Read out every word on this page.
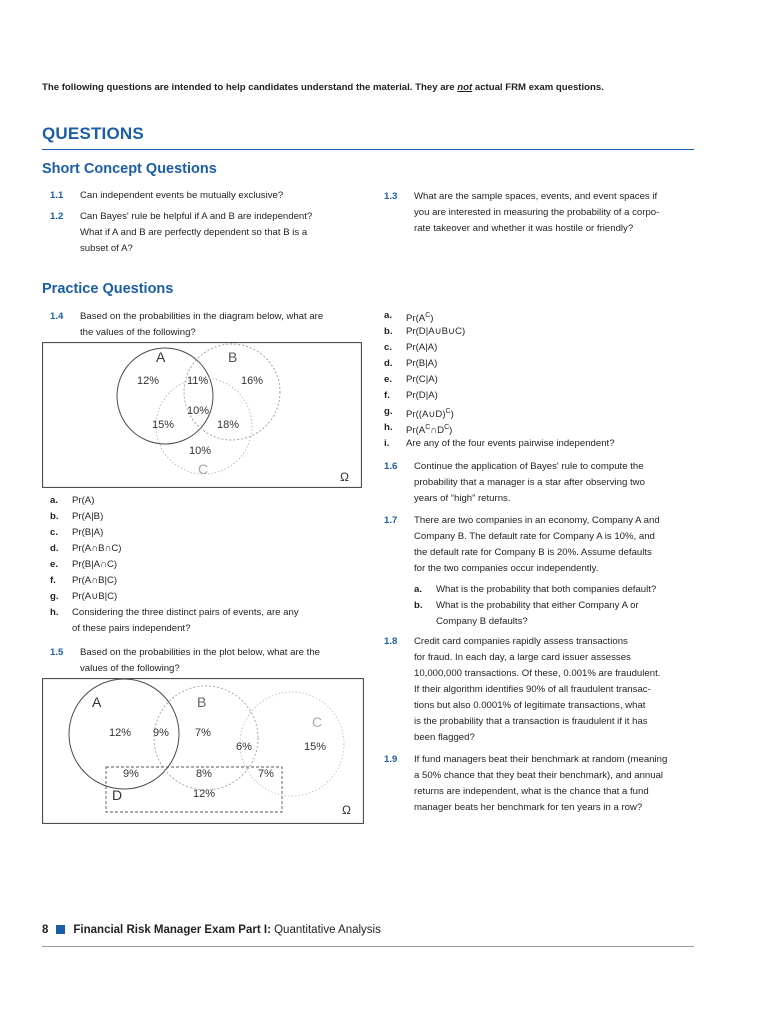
The following questions are intended to help candidates understand the material. They are not actual FRM exam questions.
QUESTIONS
Short Concept Questions
Practice Questions
1.1 Can independent events be mutually exclusive?
1.2 Can Bayes' rule be helpful if A and B are independent?
What if A and B are perfectly dependent so that B is a
subset of A?
1.3 What are the sample spaces, events, and event spaces if
you are interested in measuring the probability of a corpo-
rate takeover and whether it was hostile or friendly?
1.4 Based on the probabilities in the diagram below, what are
the values of the following?
A	B
C	Ω
12%	11%	16%
10%
15%	18%
10%
a. Pr(A)
b. Pr(A|B)
c. Pr(B|A)
d. Pr(A∩B∩C)
e. Pr(B|A∩C)
f. Pr(A∩B|C)
g. Pr(A∪B|C)
h. Considering the three distinct pairs of events, are any
of these pairs independent?
1.5 Based on the probabilities in the plot below, what are the
values of the following?
A	B
C
D
Ω
12% 9% 7%
6%	15%
9%	8%	7%
12%
a. $Pr(A^C)$
b. Pr(D|A∪B∪C)
c. Pr(A|A)
d. Pr(B|A)
e. Pr(C|A)
f. Pr(D|A)
g. Pr((A∪D)$^C$)
h. $Pr(A^C\cap D^C)$
i. Are any of the four events pairwise independent?
1.6 Continue the application of Bayes' rule to compute the
probability that a manager is a star after observing two
years of “high” returns.
1.7 There are two companies in an economy, Company A and
Company B. The default rate for Company A is 10%, and
the default rate for Company B is 20%. Assume defaults
for the two companies occur independently.
a. What is the probability that both companies default?
b. What is the probability that either Company A or
Company B defaults?
1.8 Credit card companies rapidly assess transactions
for fraud. In each day, a large card issuer assesses
10,000,000 transactions. Of these, 0.001% are fraudulent.
If their algorithm identifies 90% of all fraudulent transac-
tions but also 0.0001% of legitimate transactions, what
is the probability that a transaction is fraudulent if it has
been flagged?
1.9 If fund managers beat their benchmark at random (meaning
a 50% chance that they beat their benchmark), and annual
returns are independent, what is the chance that a fund
manager beats her benchmark for ten years in a row?
8 Financial Risk Manager Exam Part I: Quantitative Analysis
